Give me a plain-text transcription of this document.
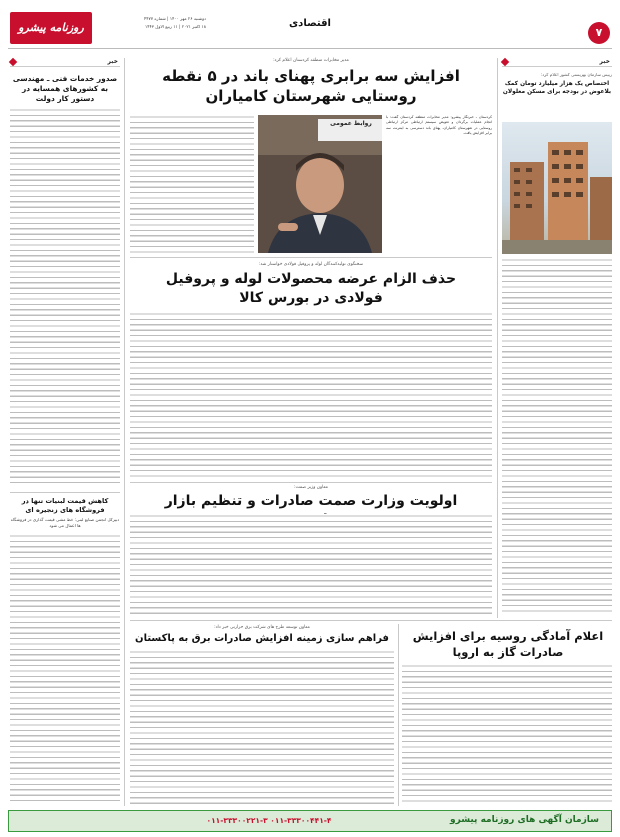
۷
اقتصادی
روزنامه پیشرو
دوشنبه ۲۶ مهر ۱۴۰۰ | شماره ۴۴۷۷
۱۸ اکتبر ۲۰۲۱ | ۱۱ ربیع الاول ۱۴۴۳
خبر	خبر
صدور خدمات فنی ـ مهندسی به کشورهای همسایه در دستور کار دولت
کاهش قیمت لبنیات تنها در فروشگاه های زنجیره ای
دبیرکل انجمن صنایع لبنی: خط مشی قیمت گذاری در فروشگاه ها اعمال می شود
رییس سازمان بهزیستی کشور اعلام کرد:
اختصاص یک هزار میلیارد تومان کمک بلاعوض در بودجه برای مسکن معلولان
مدیر مخابرات منطقه کردستان اعلام کرد:
افزایش سه برابری پهنای باند در ۵ نقطه روستایی شهرستان کامیاران
کردستان ـ خبرنگار پیشرو: مدیر مخابرات منطقه کردستان گفت: با انجام عملیات برگردان و تعویض سیستم ارتباطی مرکز ارتباطی روستایی در شهرستان کامیاران، پهنای باند دسترسی به اینترنت سه برابر افزایش یافت.
روابط عمومی
سخنگوی تولیدکنندگان لوله و پروفیل فولادی خواستار شد:
حذف الزام عرضه محصولات لوله و پروفیل فولادی در بورس کالا
معاون وزیر صمت:
اولویت وزارت صمت صادرات و تنظیم بازار
اعلام آمادگی روسیه برای افزایش صادرات گاز به اروپا
معاون توسعه طرح های شرکت برق حرارتی خبر داد:
فراهم سازی زمینه افزایش صادرات برق به پاکستان
سازمان آگهی های روزنامه پیشرو
۰۱۱-۳۳۳۰۰۲۲۱-۳ ۰۱۱-۳۳۳۰۰۴۴۱-۴
